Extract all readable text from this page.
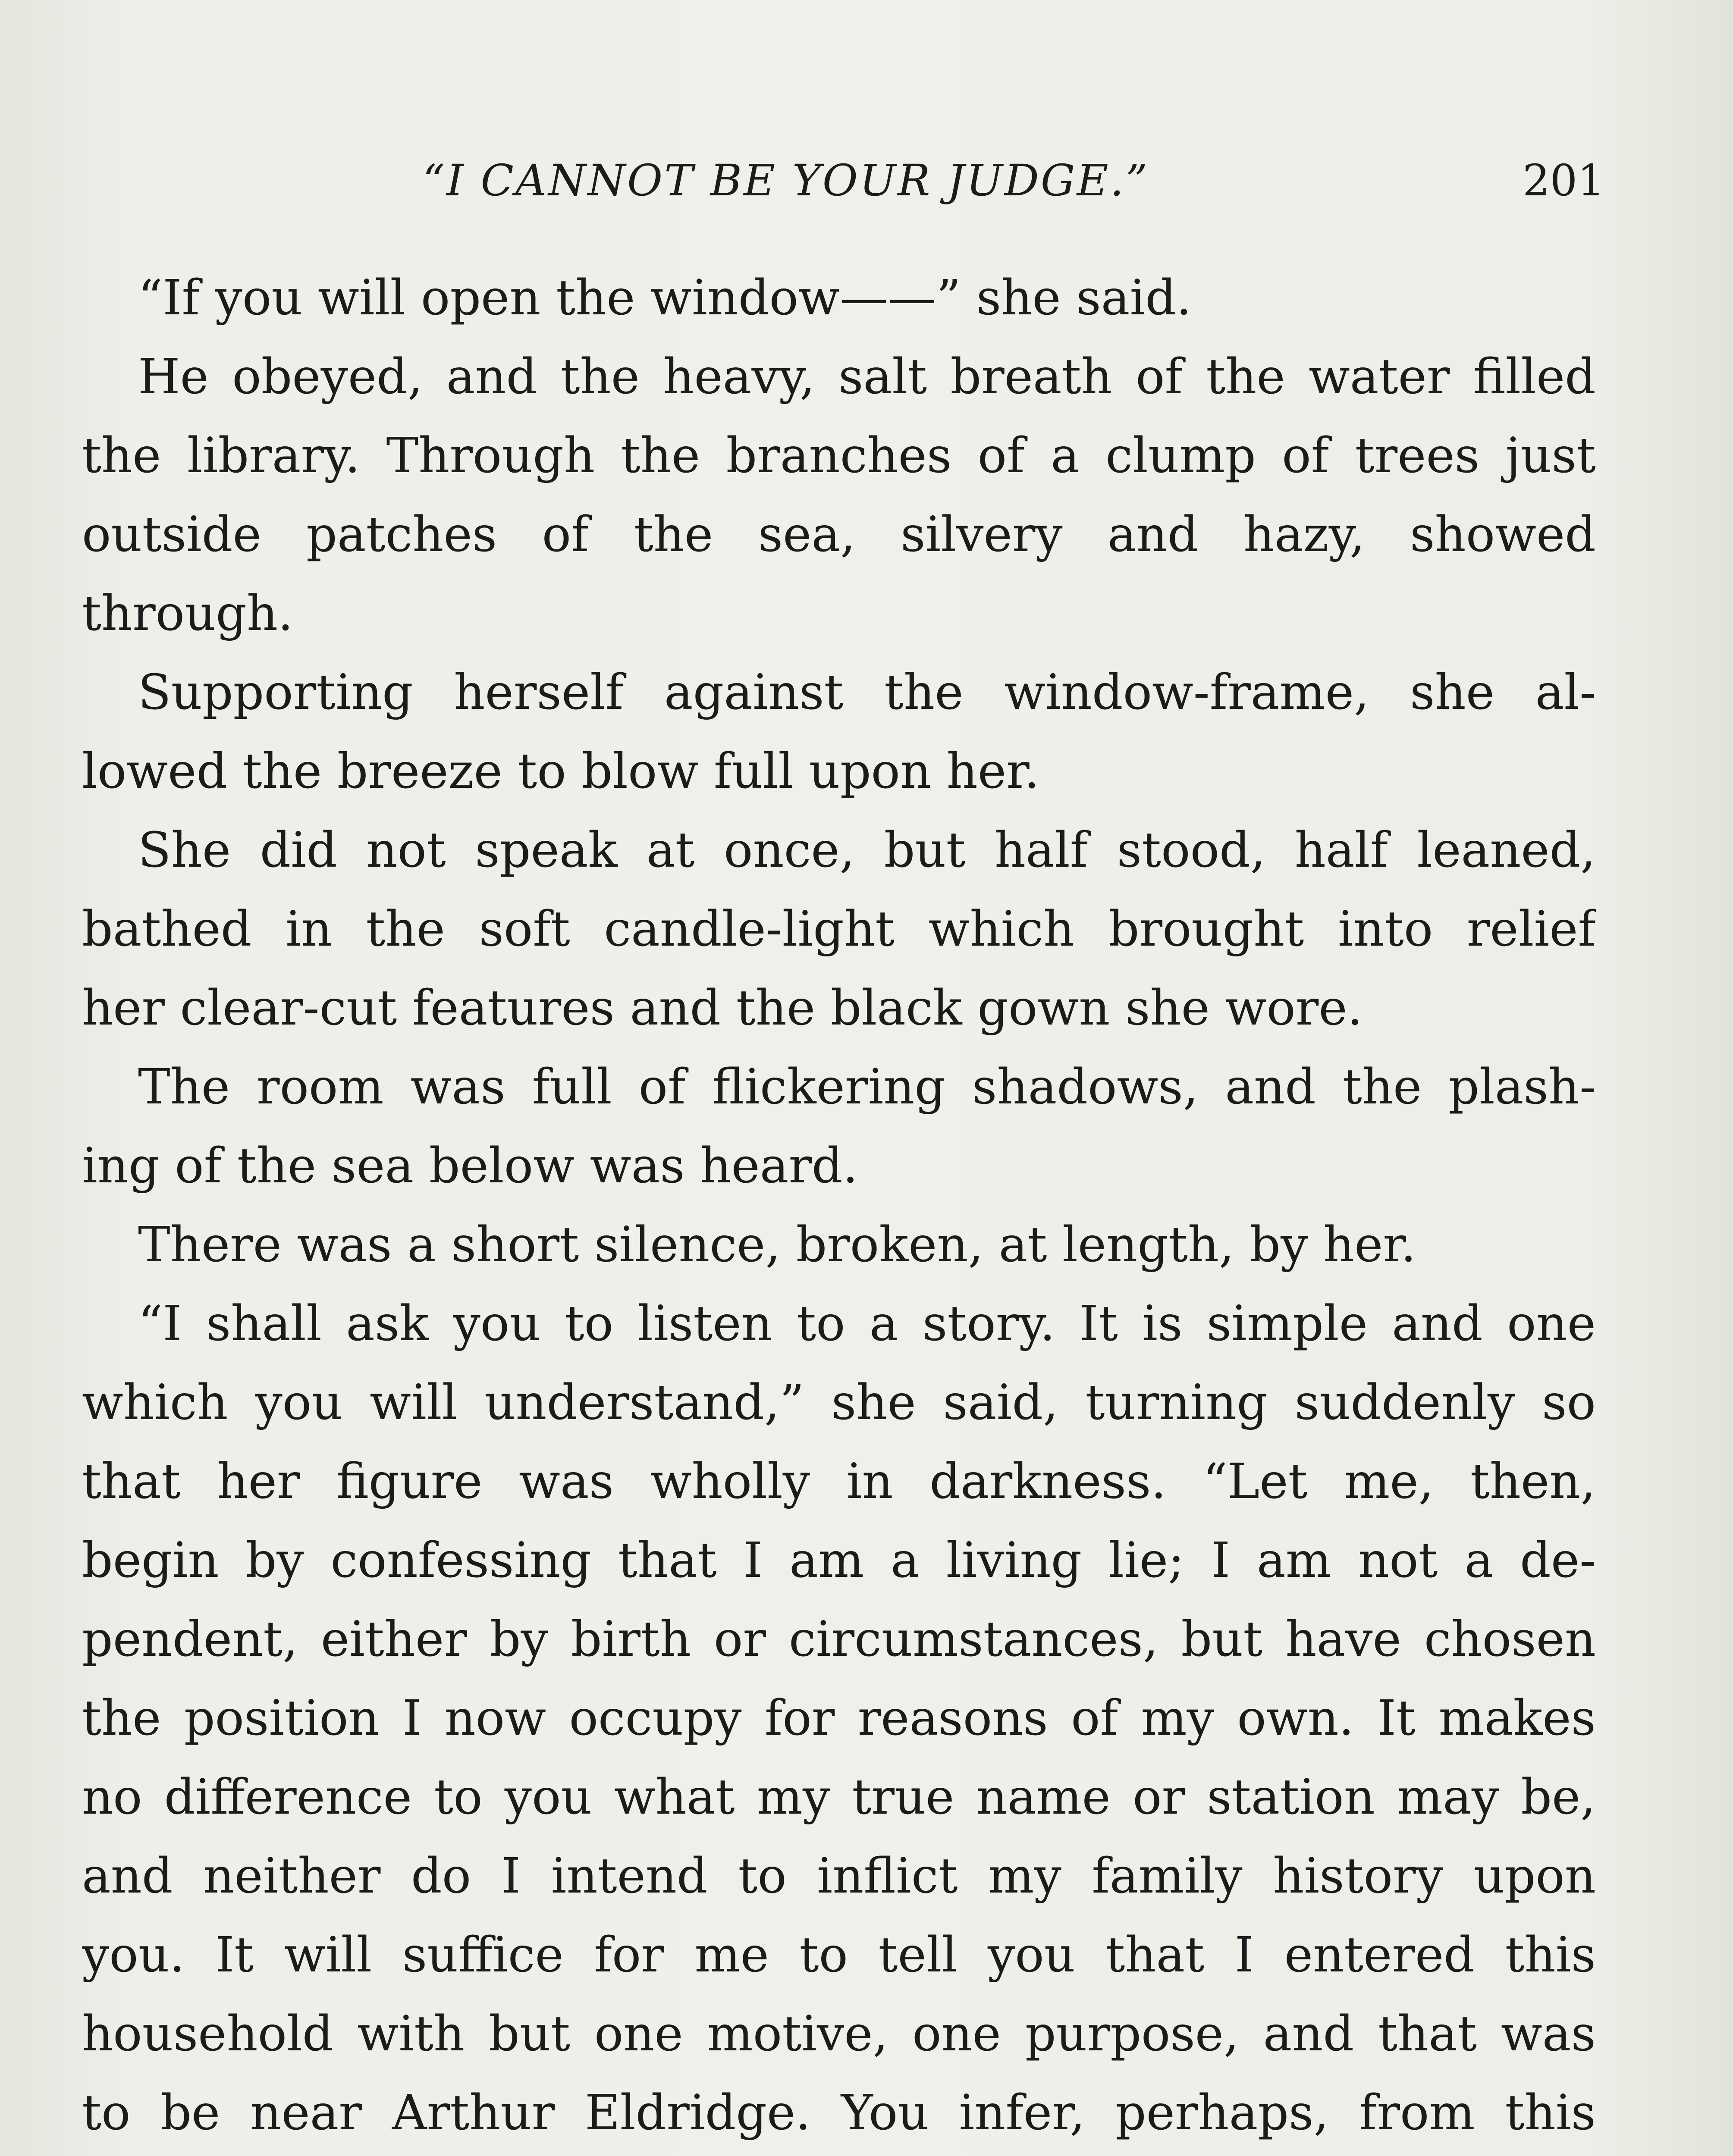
“I CANNOT BE YOUR JUDGE.”	201
“If you will open the window——” she said.
He obeyed, and the heavy, salt breath of the water filled
the library. Through the branches of a clump of trees just
outside patches of the sea, silvery and hazy, showed
through.
Supporting herself against the window-frame, she al-
lowed the breeze to blow full upon her.
She did not speak at once, but half stood, half leaned,
bathed in the soft candle-light which brought into relief
her clear-cut features and the black gown she wore.
The room was full of flickering shadows, and the plash-
ing of the sea below was heard.
There was a short silence, broken, at length, by her.
“I shall ask you to listen to a story. It is simple and one
which you will understand,” she said, turning suddenly so
that her figure was wholly in darkness. “Let me, then,
begin by confessing that I am a living lie; I am not a de-
pendent, either by birth or circumstances, but have chosen
the position I now occupy for reasons of my own. It makes
no difference to you what my true name or station may be,
and neither do I intend to inflict my family history upon
you. It will suffice for me to tell you that I entered this
household with but one motive, one purpose, and that was
to be near Arthur Eldridge. You infer, perhaps, from this
